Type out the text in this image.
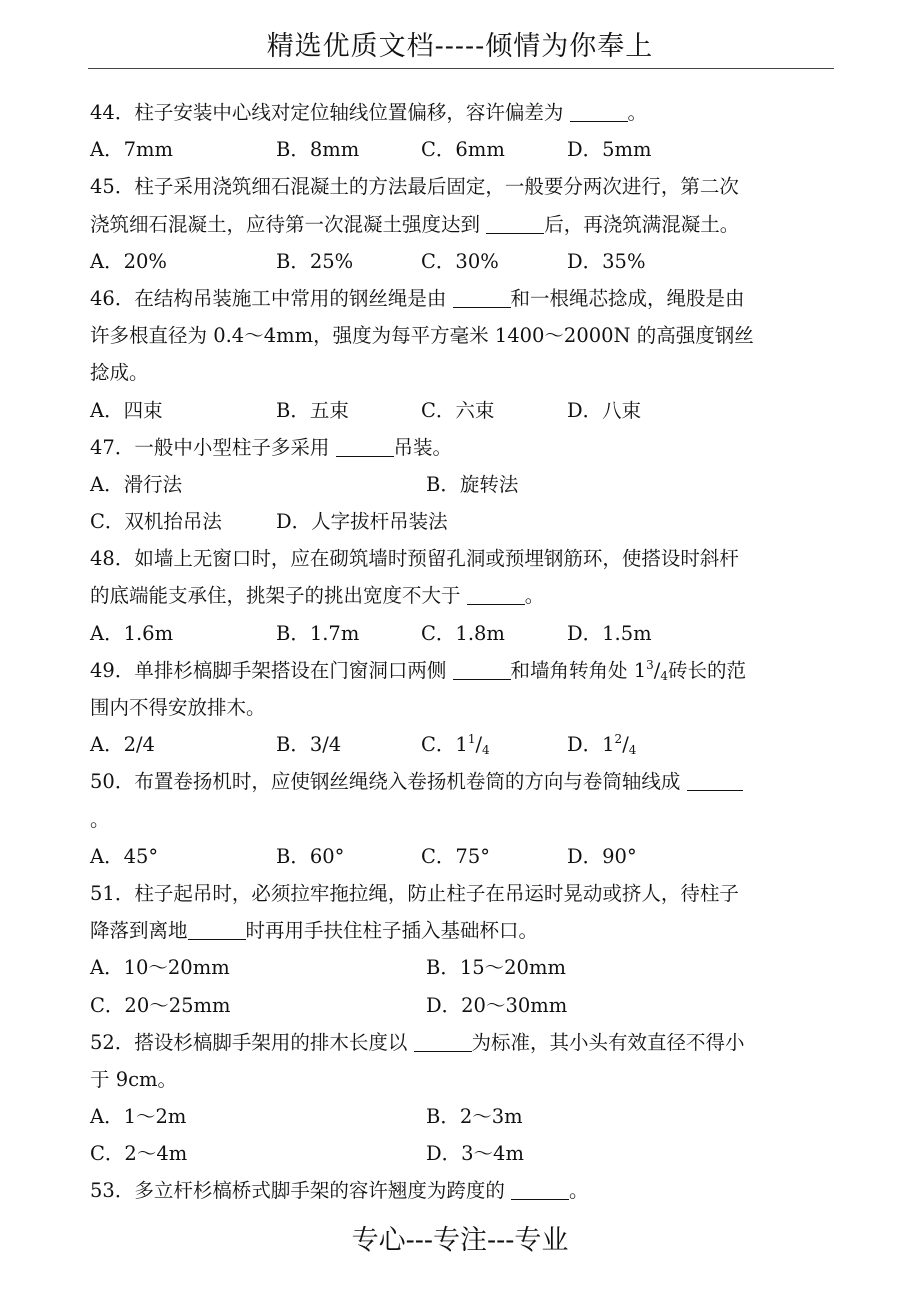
精选优质文档-----倾情为你奉上
44．柱子安装中心线对定位轴线位置偏移，容许偏差为	。
A．7mm	B．8mm	C．6mm	D．5mm
45．柱子采用浇筑细石混凝土的方法最后固定，一般要分两次进行，第二次
浇筑细石混凝土，应待第一次混凝土强度达到	后，再浇筑满混凝土。
A．20%	B．25%	C．30%	D．35%
46．在结构吊装施工中常用的钢丝绳是由	和一根绳芯捻成，绳股是由
许多根直径为 0.4～4mm，强度为每平方毫米 1400～2000N 的高强度钢丝
捻成。
A．四束	B．五束	C．六束	D．八束
47．一般中小型柱子多采用	吊装。
A．滑行法	B．旋转法
C．双机抬吊法	D．人字拔杆吊装法
48．如墙上无窗口时，应在砌筑墙时预留孔洞或预埋钢筋环，使搭设时斜杆
的底端能支承住，挑架子的挑出宽度不大于	。
A．1.6m	B．1.7m	C．1.8m	D．1.5m
49．单排杉槁脚手架搭设在门窗洞口两侧	和墙角转角处 $1^3/_4$砖长的范
围内不得安放排木。
A．2/4	B．3/4	C．$1^1/_4$	D．$1^2/_4$
50．布置卷扬机时，应使钢丝绳绕入卷扬机卷筒的方向与卷筒轴线成
。
A．45°	B．60°	C．75°	D．90°
51．柱子起吊时，必须拉牢拖拉绳，防止柱子在吊运时晃动或挤人，待柱子
降落到离地	时再用手扶住柱子插入基础杯口。
A．10～20mm	B．15～20mm
C．20～25mm	D．20～30mm
52．搭设杉槁脚手架用的排木长度以	为标准，其小头有效直径不得小
于 9cm。
A．1～2m	B．2～3m
C．2～4m	D．3～4m
53．多立杆杉槁桥式脚手架的容许翘度为跨度的	。
专心---专注---专业
